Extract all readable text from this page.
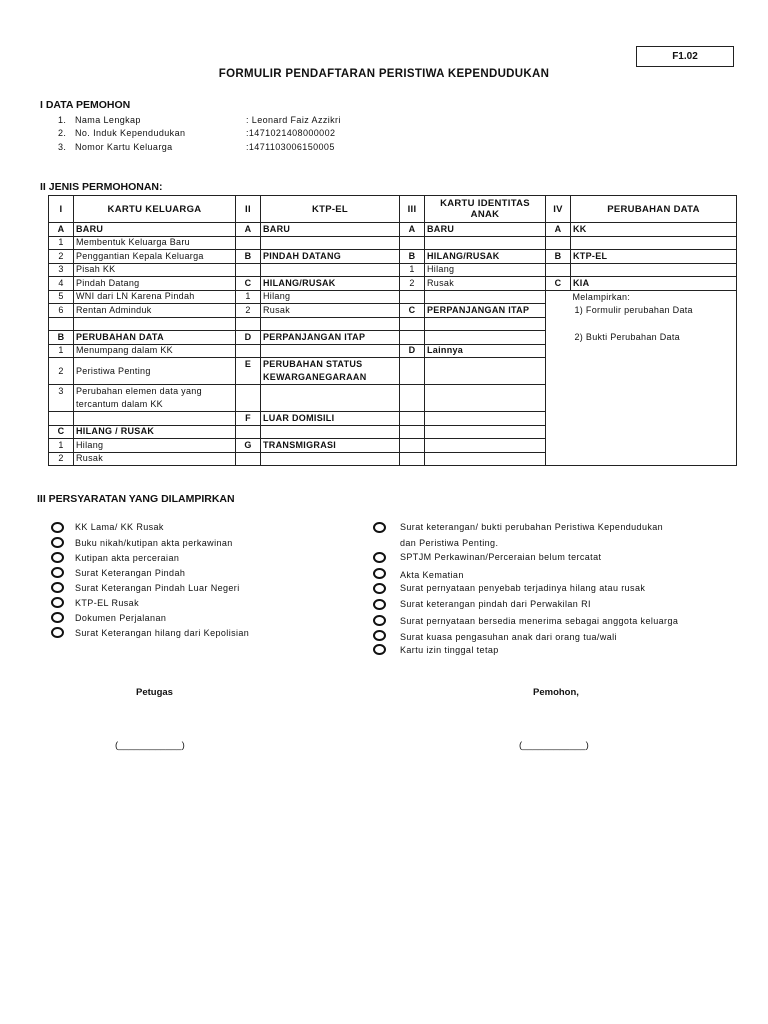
F1.02
FORMULIR PENDAFTARAN PERISTIWA KEPENDUDUKAN
I DATA PEMOHON
1. Nama Lengkap	: Leonard Faiz Azzikri
2. No. Induk Kependudukan	:1471021408000002
3. Nomor Kartu Keluarga	:1471103006150005
II JENIS PERMOHONAN:
I	KARTU KELUARGA	II	KTP-EL	III	KARTU IDENTITAS ANAK	IV	PERUBAHAN DATA
A	BARU	A	BARU	A	BARU	A	KK
1	Membentuk Keluarga Baru						
2	Penggantian Kepala Keluarga	B	PINDAH DATANG	B	HILANG/RUSAK	B	KTP-EL
3	Pisah KK			1	Hilang		
4	Pindah Datang	C	HILANG/RUSAK	2	Rusak	C	KIA
5	WNI dari LN Karena Pindah	1	Hilang				Melampirkan:
6	Rentan Adminduk	2	Rusak	C	PERPANJANGAN ITAP		1) Formulir perubahan Data

B	PERUBAHAN DATA	D	PERPANJANGAN ITAP				2) Bukti Perubahan Data
1	Menumpang dalam KK			D	Lainnya		
2	Peristiwa Penting	E	PERUBAHAN STATUS KEWARGANEGARAAN				
3	Perubahan elemen data yang tercantum dalam KK						
		F	LUAR DOMISILI				
C	HILANG / RUSAK						
1	Hilang	G	TRANSMIGRASI				
2	Rusak						
III PERSYARATAN YANG DILAMPIRKAN
KK Lama/ KK Rusak
Buku nikah/kutipan akta perkawinan
Kutipan akta perceraian
Surat Keterangan Pindah
Surat Keterangan Pindah Luar Negeri
KTP-EL Rusak
Dokumen Perjalanan
Surat Keterangan hilang dari Kepolisian
Surat keterangan/ bukti perubahan Peristiwa Kependudukan
dan Peristiwa Penting.
SPTJM Perkawinan/Perceraian belum tercatat
Akta Kematian
Surat pernyataan penyebab terjadinya hilang atau rusak
Surat keterangan pindah dari Perwakilan RI
Surat pernyataan bersedia menerima sebagai anggota keluarga
Surat kuasa pengasuhan anak dari orang tua/wali
Kartu izin tinggal tetap
Petugas	Pemohon,
(____________)	(____________)
